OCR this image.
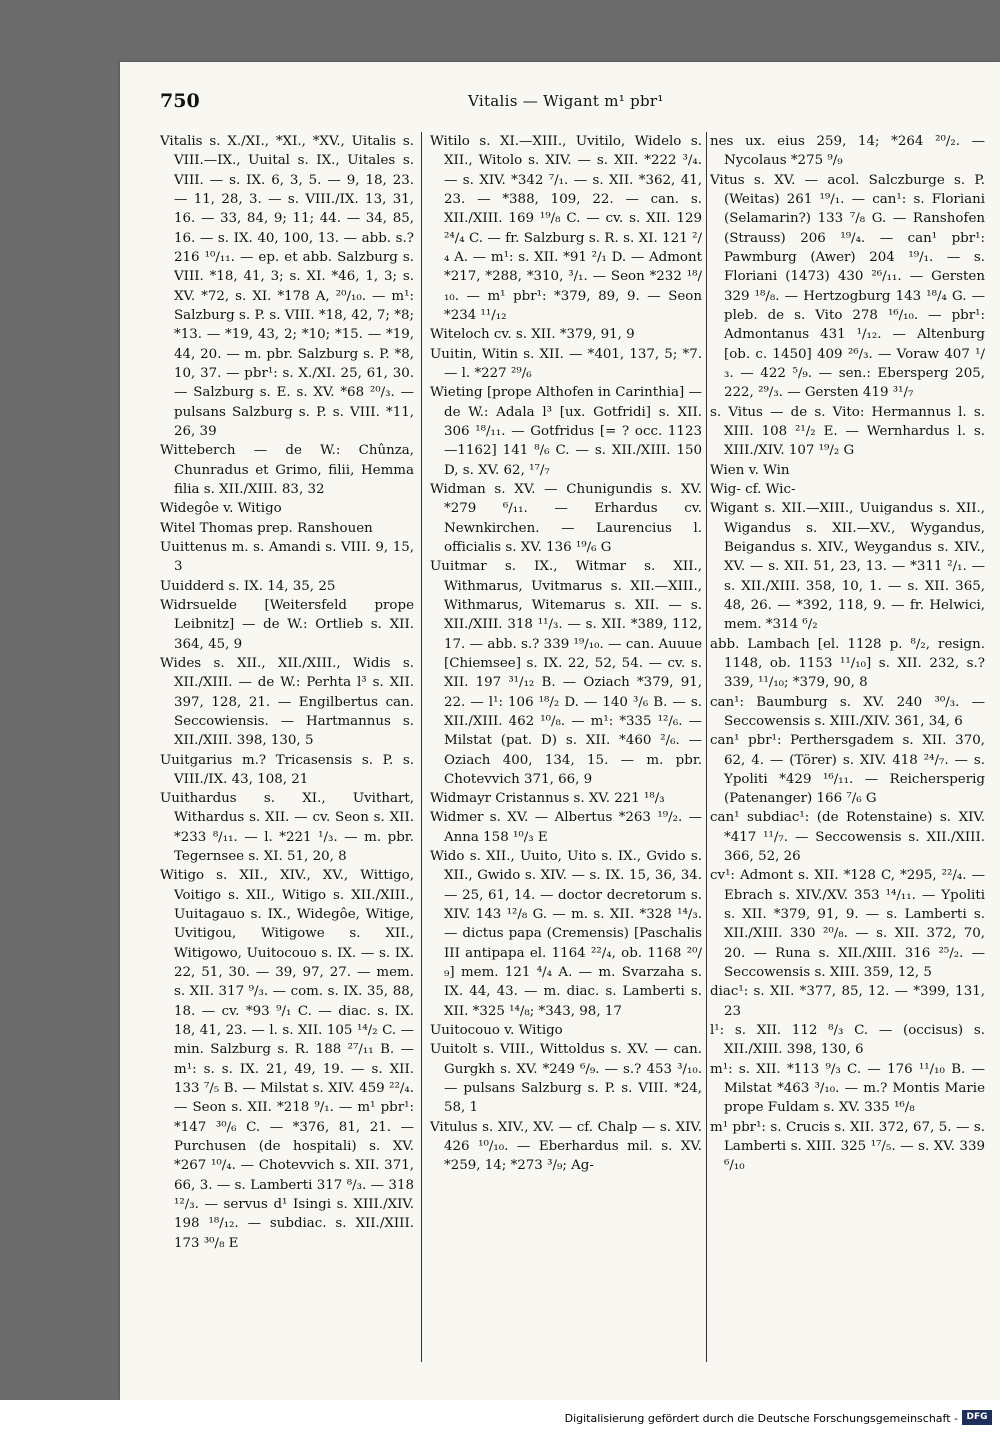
750	Vitalis — Wigant m¹ pbr¹

Vitalis s. X./XI., *XI., *XV., Uitalis s. VIII.—IX., Uuital s. IX., Uitales s. VIII. — s. IX. 6, 3, 5. — 9, 18, 23. — 11, 28, 3. — s. VIII./IX. 13, 31, 16. — 33, 84, 9; 11; 44. — 34, 85, 16. — s. IX. 40, 100, 13. — abb. s.? 216 ¹⁰/₁₁. — ep. et abb. Salzburg s. VIII. *18, 41, 3; s. XI. *46, 1, 3; s. XV. *72, s. XI. *178 A, ²⁰/₁₀. — m¹: Salzburg s. P. s. VIII. *18, 42, 7; *8; *13. — *19, 43, 2; *10; *15. — *19, 44, 20. — m. pbr. Salzburg s. P. *8, 10, 37. — pbr¹: s. X./XI. 25, 61, 30. — Salzburg s. E. s. XV. *68 ²⁰/₃. — pulsans Salzburg s. P. s. VIII. *11, 26, 39

Witteberch — de W.: Chûnza, Chunradus et Grimo, filii, Hemma filia s. XII./XIII. 83, 32

Widegôe v. Witigo

Witel Thomas prep. Ranshouen

Uuittenus m. s. Amandi s. VIII. 9, 15, 3

Uuidderd s. IX. 14, 35, 25

Widrsuelde [Weitersfeld prope Leibnitz] — de W.: Ortlieb s. XII. 364, 45, 9

Wides s. XII., XII./XIII., Widis s. XII./XIII. — de W.: Perhta l³ s. XII. 397, 128, 21. — Engilbertus can. Seccowiensis. — Hartmannus s. XII./XIII. 398, 130, 5

Uuitgarius m.? Tricasensis s. P. s. VIII./IX. 43, 108, 21

Uuithardus s. XI., Uvithart, Withardus s. XII. — cv. Seon s. XII. *233 ⁸/₁₁. — l. *221 ¹/₃. — m. pbr. Tegernsee s. XI. 51, 20, 8

Witigo s. XII., XIV., XV., Wittigo, Voitigo s. XII., Witigo s. XII./XIII., Uuitagauo s. IX., Widegôe, Witige, Uvitigou, Witigowe s. XII., Witigowo, Uuitocouo s. IX. — s. IX. 22, 51, 30. — 39, 97, 27. — mem. s. XII. 317 ⁹/₃. — com. s. IX. 35, 88, 18. — cv. *93 ⁹/₁ C. — diac. s. IX. 18, 41, 23. — l. s. XII. 105 ¹⁴/₂ C. — min. Salzburg s. R. 188 ²⁷/₁₁ B. — m¹: s. s. IX. 21, 49, 19. — s. XII. 133 ⁷/₅ B. — Milstat s. XIV. 459 ²²/₄. — Seon s. XII. *218 ⁹/₁. — m¹ pbr¹: *147 ³⁰/₆ C. — *376, 81, 21. — Purchusen (de hospitali) s. XV. *267 ¹⁰/₄. — Chotevvich s. XII. 371, 66, 3. — s. Lamberti 317 ⁸/₃. — 318 ¹²/₃. — servus d¹ Isingi s. XIII./XIV. 198 ¹⁸/₁₂. — subdiac. s. XII./XIII. 173 ³⁰/₈ E

Witilo s. XI.—XIII., Uvitilo, Widelo s. XII., Witolo s. XIV. — s. XII. *222 ³/₄. — s. XIV. *342 ⁷/₁. — s. XII. *362, 41, 23. — *388, 109, 22. — can. s. XII./XIII. 169 ¹⁹/₈ C. — cv. s. XII. 129 ²⁴/₄ C. — fr. Salzburg s. R. s. XI. 121 ²/₄ A. — m¹: s. XII. *91 ²/₁ D. — Admont *217, *288, *310, ³/₁. — Seon *232 ¹⁸/₁₀. — m¹ pbr¹: *379, 89, 9. — Seon *234 ¹¹/₁₂

Witeloch cv. s. XII. *379, 91, 9

Uuitin, Witin s. XII. — *401, 137, 5; *7. — l. *227 ²⁹/₆

Wieting [prope Althofen in Carinthia] — de W.: Adala l³ [ux. Gotfridi] s. XII. 306 ¹⁸/₁₁. — Gotfridus [= ? occ. 1123—1162] 141 ⁸/₆ C. — s. XII./XIII. 150 D, s. XV. 62, ¹⁷/₇

Widman s. XV. — Chunigundis s. XV. *279 ⁶/₁₁. — Erhardus cv. Newnkirchen. — Laurencius l. officialis s. XV. 136 ¹⁹/₆ G

Uuitmar s. IX., Witmar s. XII., Withmarus, Uvitmarus s. XII.—XIII., Withmarus, Witemarus s. XII. — s. XII./XIII. 318 ¹¹/₃. — s. XII. *389, 112, 17. — abb. s.? 339 ¹⁹/₁₀. — can. Auuue [Chiemsee] s. IX. 22, 52, 54. — cv. s. XII. 197 ³¹/₁₂ B. — Oziach *379, 91, 22. — l¹: 106 ¹⁸/₂ D. — 140 ³/₆ B. — s. XII./XIII. 462 ¹⁰/₈. — m¹: *335 ¹²/₆. — Milstat (pat. D) s. XII. *460 ²/₆. — Oziach 400, 134, 15. — m. pbr. Chotevvich 371, 66, 9

Widmayr Cristannus s. XV. 221 ¹⁸/₃

Widmer s. XV. — Albertus *263 ¹⁹/₂. — Anna 158 ¹⁰/₃ E

Wido s. XII., Uuito, Uito s. IX., Gvido s. XII., Gwido s. XIV. — s. IX. 15, 36, 34. — 25, 61, 14. — doctor decretorum s. XIV. 143 ¹²/₈ G. — m. s. XII. *328 ¹⁴/₃. — dictus papa (Cremensis) [Paschalis III antipapa el. 1164 ²²/₄, ob. 1168 ²⁰/₉] mem. 121 ⁴/₄ A. — m. Svarzaha s. IX. 44, 43. — m. diac. s. Lamberti s. XII. *325 ¹⁴/₈; *343, 98, 17

Uuitocouo v. Witigo

Uuitolt s. VIII., Wittoldus s. XV. — can. Gurgkh s. XV. *249 ⁶/₉. — s.? 453 ³/₁₀. — pulsans Salzburg s. P. s. VIII. *24, 58, 1

Vitulus s. XIV., XV. — cf. Chalp — s. XIV. 426 ¹⁰/₁₀. — Eberhardus mil. s. XV. *259, 14; *273 ³/₉; Ag-

nes ux. eius 259, 14; *264 ²⁰/₂. — Nycolaus *275 ⁹/₉

Vitus s. XV. — acol. Salczburge s. P. (Weitas) 261 ¹⁹/₁. — can¹: s. Floriani (Selamarin?) 133 ⁷/₈ G. — Ranshofen (Strauss) 206 ¹⁹/₄. — can¹ pbr¹: Pawmburg (Awer) 204 ¹⁹/₁. — s. Floriani (1473) 430 ²⁶/₁₁. — Gersten 329 ¹⁸/₈. — Hertzogburg 143 ¹⁸/₄ G. — pleb. de s. Vito 278 ¹⁶/₁₀. — pbr¹: Admontanus 431 ¹/₁₂. — Altenburg [ob. c. 1450] 409 ²⁶/₃. — Voraw 407 ¹/₃. — 422 ⁵/₉. — sen.: Ebersperg 205, 222, ²⁹/₃. — Gersten 419 ³¹/₇

s. Vitus — de s. Vito: Hermannus l. s. XIII. 108 ²¹/₂ E. — Wernhardus l. s. XIII./XIV. 107 ¹⁹/₂ G

Wien v. Win

Wig- cf. Wic-

Wigant s. XII.—XIII., Uuigandus s. XII., Wigandus s. XII.—XV., Wygandus, Beigandus s. XIV., Weygandus s. XIV., XV. — s. XII. 51, 23, 13. — *311 ²/₁. — s. XII./XIII. 358, 10, 1. — s. XII. 365, 48, 26. — *392, 118, 9. — fr. Helwici, mem. *314 ⁶/₂

abb. Lambach [el. 1128 p. ⁸/₂, resign. 1148, ob. 1153 ¹¹/₁₀] s. XII. 232, s.? 339, ¹¹/₁₀; *379, 90, 8

can¹: Baumburg s. XV. 240 ³⁰/₃. — Seccowensis s. XIII./XIV. 361, 34, 6

can¹ pbr¹: Perthersgadem s. XII. 370, 62, 4. — (Törer) s. XIV. 418 ²⁴/₇. — s. Ypoliti *429 ¹⁶/₁₁. — Reichersperig (Patenanger) 166 ⁷/₆ G

can¹ subdiac¹: (de Rotenstaine) s. XIV. *417 ¹¹/₇. — Seccowensis s. XII./XIII. 366, 52, 26

cv¹: Admont s. XII. *128 C, *295, ²²/₄. — Ebrach s. XIV./XV. 353 ¹⁴/₁₁. — Ypoliti s. XII. *379, 91, 9. — s. Lamberti s. XII./XIII. 330 ²⁰/₈. — s. XII. 372, 70, 20. — Runa s. XII./XIII. 316 ²⁵/₂. — Seccowensis s. XIII. 359, 12, 5

diac¹: s. XII. *377, 85, 12. — *399, 131, 23

l¹: s. XII. 112 ⁸/₃ C. — (occisus) s. XII./XIII. 398, 130, 6

m¹: s. XII. *113 ⁹/₃ C. — 176 ¹¹/₁₀ B. — Milstat *463 ³/₁₀. — m.? Montis Marie prope Fuldam s. XV. 335 ¹⁶/₈

m¹ pbr¹: s. Crucis s. XII. 372, 67, 5. — s. Lamberti s. XIII. 325 ¹⁷/₅. — s. XV. 339 ⁶/₁₀

Digitalisierung gefördert durch die Deutsche Forschungsgemeinschaft - DFG
